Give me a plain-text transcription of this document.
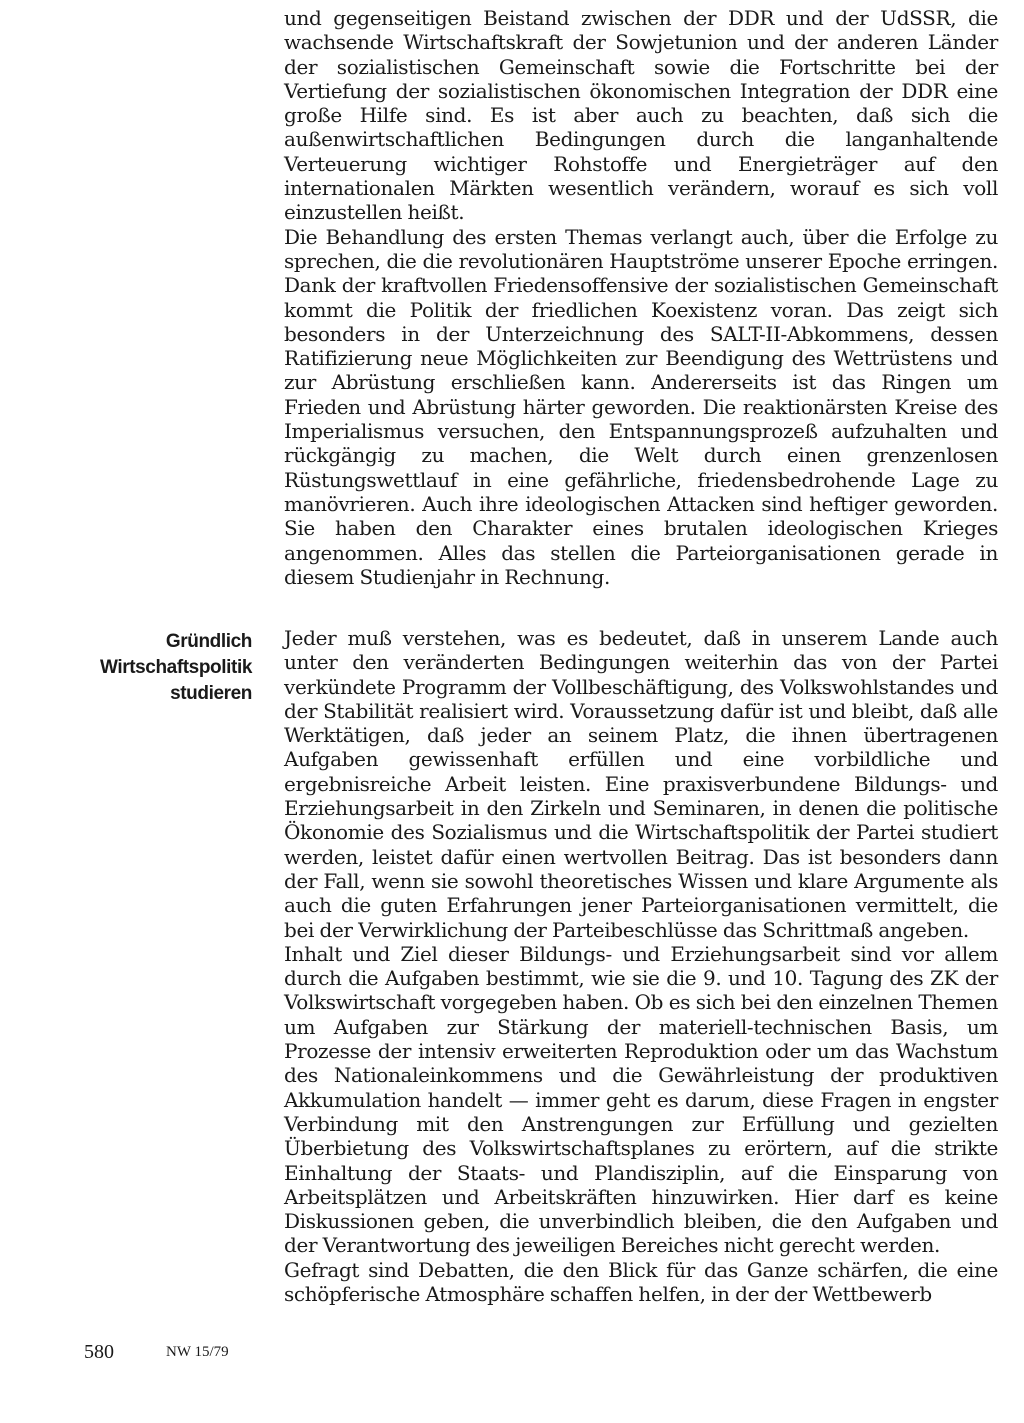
und gegenseitigen Beistand zwischen der DDR und der UdSSR, die wachsende Wirtschaftskraft der Sowjetunion und der anderen Länder der sozialistischen Gemeinschaft sowie die Fortschritte bei der Vertiefung der sozialistischen ökonomischen Integration der DDR eine große Hilfe sind. Es ist aber auch zu beachten, daß sich die außenwirtschaftlichen Bedingungen durch die langanhaltende Verteuerung wichtiger Rohstoffe und Energieträger auf den internationalen Märkten wesentlich verändern, worauf es sich voll einzustellen heißt.

Die Behandlung des ersten Themas verlangt auch, über die Erfolge zu sprechen, die die revolutionären Hauptströme unserer Epoche erringen. Dank der kraftvollen Friedensoffensive der sozialistischen Gemeinschaft kommt die Politik der friedlichen Koexistenz voran. Das zeigt sich besonders in der Unterzeichnung des SALT-II-Abkommens, dessen Ratifizierung neue Möglichkeiten zur Beendigung des Wettrüstens und zur Abrüstung erschließen kann. Andererseits ist das Ringen um Frieden und Abrüstung härter geworden. Die reaktionärsten Kreise des Imperialismus versuchen, den Entspannungsprozeß aufzuhalten und rückgängig zu machen, die Welt durch einen grenzenlosen Rüstungswettlauf in eine gefährliche, friedensbedrohende Lage zu manövrieren. Auch ihre ideologischen Attacken sind heftiger geworden. Sie haben den Charakter eines brutalen ideologischen Krieges angenommen. Alles das stellen die Parteiorganisationen gerade in diesem Studienjahr in Rechnung.

Gründlich
Wirtschaftspolitik
studieren

Jeder muß verstehen, was es bedeutet, daß in unserem Lande auch unter den veränderten Bedingungen weiterhin das von der Partei verkündete Programm der Vollbeschäftigung, des Volkswohlstandes und der Stabilität realisiert wird. Voraussetzung dafür ist und bleibt, daß alle Werktätigen, daß jeder an seinem Platz, die ihnen übertragenen Aufgaben gewissenhaft erfüllen und eine vorbildliche und ergebnisreiche Arbeit leisten. Eine praxisverbundene Bildungs- und Erziehungsarbeit in den Zirkeln und Seminaren, in denen die politische Ökonomie des Sozialismus und die Wirtschaftspolitik der Partei studiert werden, leistet dafür einen wertvollen Beitrag. Das ist besonders dann der Fall, wenn sie sowohl theoretisches Wissen und klare Argumente als auch die guten Erfahrungen jener Parteiorganisationen vermittelt, die bei der Verwirklichung der Parteibeschlüsse das Schrittmaß angeben.

Inhalt und Ziel dieser Bildungs- und Erziehungsarbeit sind vor allem durch die Aufgaben bestimmt, wie sie die 9. und 10. Tagung des ZK der Volkswirtschaft vorgegeben haben. Ob es sich bei den einzelnen Themen um Aufgaben zur Stärkung der materiell-technischen Basis, um Prozesse der intensiv erweiterten Reproduktion oder um das Wachstum des Nationaleinkommens und die Gewährleistung der produktiven Akkumulation handelt — immer geht es darum, diese Fragen in engster Verbindung mit den Anstrengungen zur Erfüllung und gezielten Überbietung des Volkswirtschaftsplanes zu erörtern, auf die strikte Einhaltung der Staats- und Plandisziplin, auf die Einsparung von Arbeitsplätzen und Arbeitskräften hinzuwirken. Hier darf es keine Diskussionen geben, die unverbindlich bleiben, die den Aufgaben und der Verantwortung des jeweiligen Bereiches nicht gerecht werden.

Gefragt sind Debatten, die den Blick für das Ganze schärfen, die eine schöpferische Atmosphäre schaffen helfen, in der der Wettbewerb

580	NW 15/79
